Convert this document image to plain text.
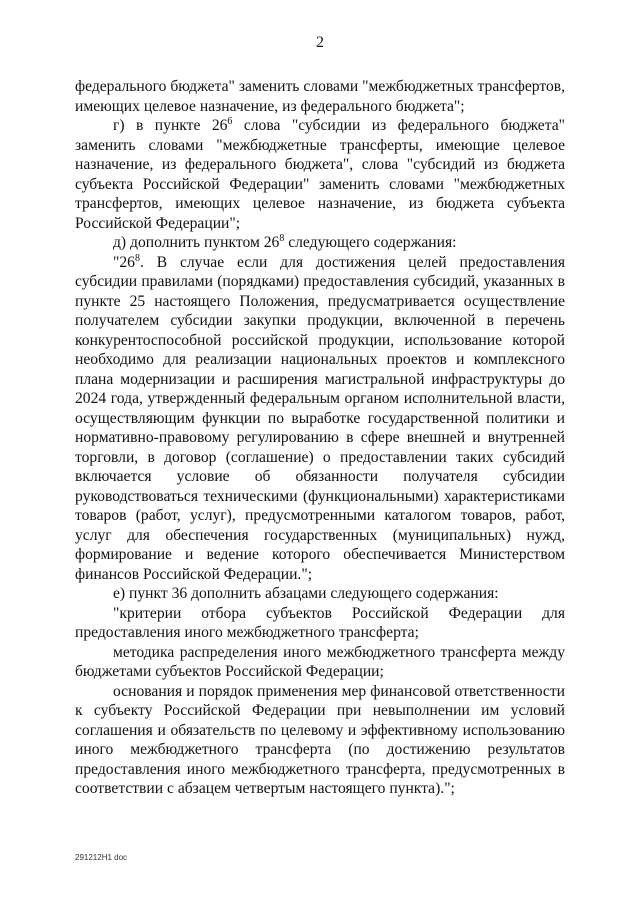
2

федерального бюджета" заменить словами "межбюджетных трансфертов, имеющих целевое назначение, из федерального бюджета";

г) в пункте $26^6$ слова "субсидии из федерального бюджета" заменить словами "межбюджетные трансферты, имеющие целевое назначение, из федерального бюджета", слова "субсидий из бюджета субъекта Российской Федерации" заменить словами "межбюджетных трансфертов, имеющих целевое назначение, из бюджета субъекта Российской Федерации";

д) дополнить пунктом $26^8$ следующего содержания:

"$26^8$. В случае если для достижения целей предоставления субсидии правилами (порядками) предоставления субсидий, указанных в пункте 25 настоящего Положения, предусматривается осуществление получателем субсидии закупки продукции, включенной в перечень конкурентоспособной российской продукции, использование которой необходимо для реализации национальных проектов и комплексного плана модернизации и расширения магистральной инфраструктуры до 2024 года, утвержденный федеральным органом исполнительной власти, осуществляющим функции по выработке государственной политики и нормативно-правовому регулированию в сфере внешней и внутренней торговли, в договор (соглашение) о предоставлении таких субсидий включается условие об обязанности получателя субсидии руководствоваться техническими (функциональными) характеристиками товаров (работ, услуг), предусмотренными каталогом товаров, работ, услуг для обеспечения государственных (муниципальных) нужд, формирование и ведение которого обеспечивается Министерством финансов Российской Федерации.";

е) пункт 36 дополнить абзацами следующего содержания:

"критерии отбора субъектов Российской Федерации для предоставления иного межбюджетного трансферта;

методика распределения иного межбюджетного трансферта между бюджетами субъектов Российской Федерации;

основания и порядок применения мер финансовой ответственности к субъекту Российской Федерации при невыполнении им условий соглашения и обязательств по целевому и эффективному использованию иного межбюджетного трансферта (по достижению результатов предоставления иного межбюджетного трансферта, предусмотренных в соответствии с абзацем четвертым настоящего пункта).";

291212H1 doc
